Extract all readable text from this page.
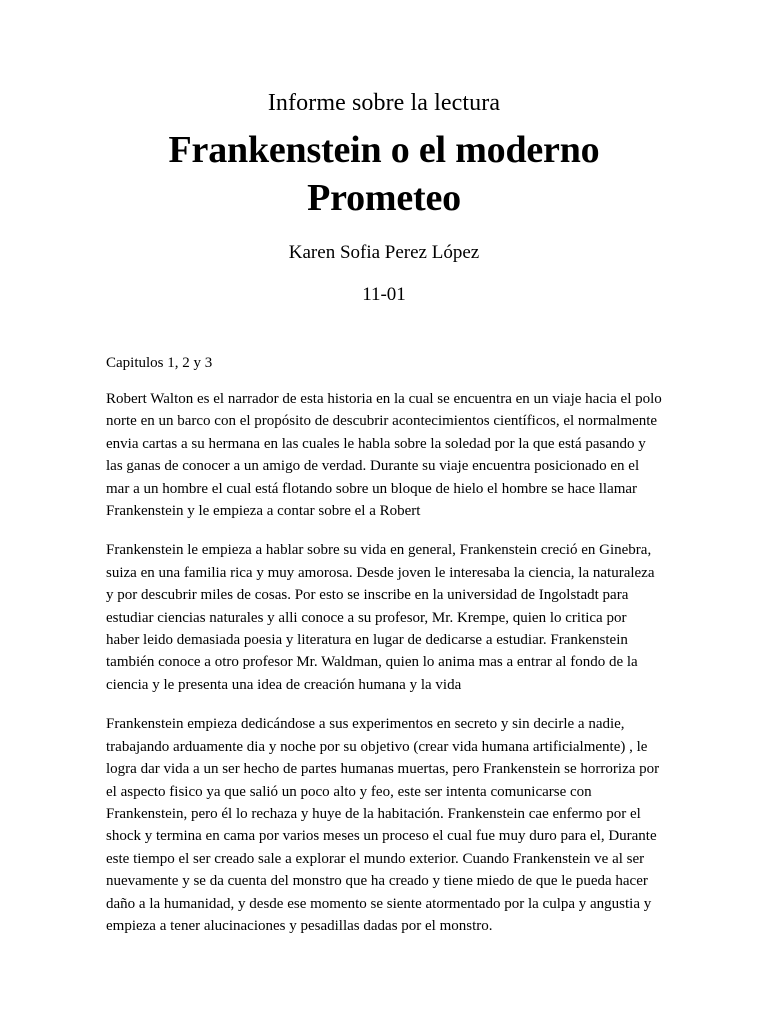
Informe sobre la lectura

Frankenstein o el moderno Prometeo

Karen Sofia Perez López

11-01

Capitulos 1, 2 y 3

Robert Walton es el narrador de esta historia en la cual se encuentra en un viaje hacia el polo norte en un barco con el propósito de descubrir acontecimientos científicos, el normalmente envia cartas a su hermana en las cuales le habla sobre la soledad por la que está pasando y las ganas de conocer a un amigo de verdad. Durante su viaje encuentra posicionado en el mar a un hombre el cual está flotando sobre un bloque de hielo el hombre se hace llamar Frankenstein y le empieza a contar sobre el a Robert

Frankenstein le empieza a hablar sobre su vida en general, Frankenstein creció en Ginebra, suiza en una familia rica y muy amorosa. Desde joven le interesaba la ciencia, la naturaleza y por descubrir miles de cosas. Por esto se inscribe en la universidad de Ingolstadt para estudiar ciencias naturales y alli conoce a su profesor, Mr. Krempe, quien lo critica por haber leido demasiada poesia y literatura en lugar de dedicarse a estudiar. Frankenstein también conoce a otro profesor Mr. Waldman, quien lo anima mas a entrar al fondo de la ciencia y le presenta una idea de creación humana y la vida

Frankenstein empieza dedicándose a sus experimentos en secreto y sin decirle a nadie, trabajando arduamente dia y noche por su objetivo (crear vida humana artificialmente) , le logra dar vida a un ser hecho de partes humanas muertas, pero Frankenstein se horroriza por el aspecto fisico ya que salió un poco alto y feo, este ser intenta comunicarse con Frankenstein, pero él lo rechaza y huye de la habitación. Frankenstein cae enfermo por el shock y termina en cama por varios meses un proceso el cual fue muy duro para el, Durante este tiempo el ser creado sale a explorar el mundo exterior. Cuando Frankenstein ve al ser nuevamente y se da cuenta del monstro que ha creado y tiene miedo de que le pueda hacer daño a la humanidad, y desde ese momento se siente atormentado por la culpa y angustia y empieza a tener alucinaciones y pesadillas dadas por el monstro.
